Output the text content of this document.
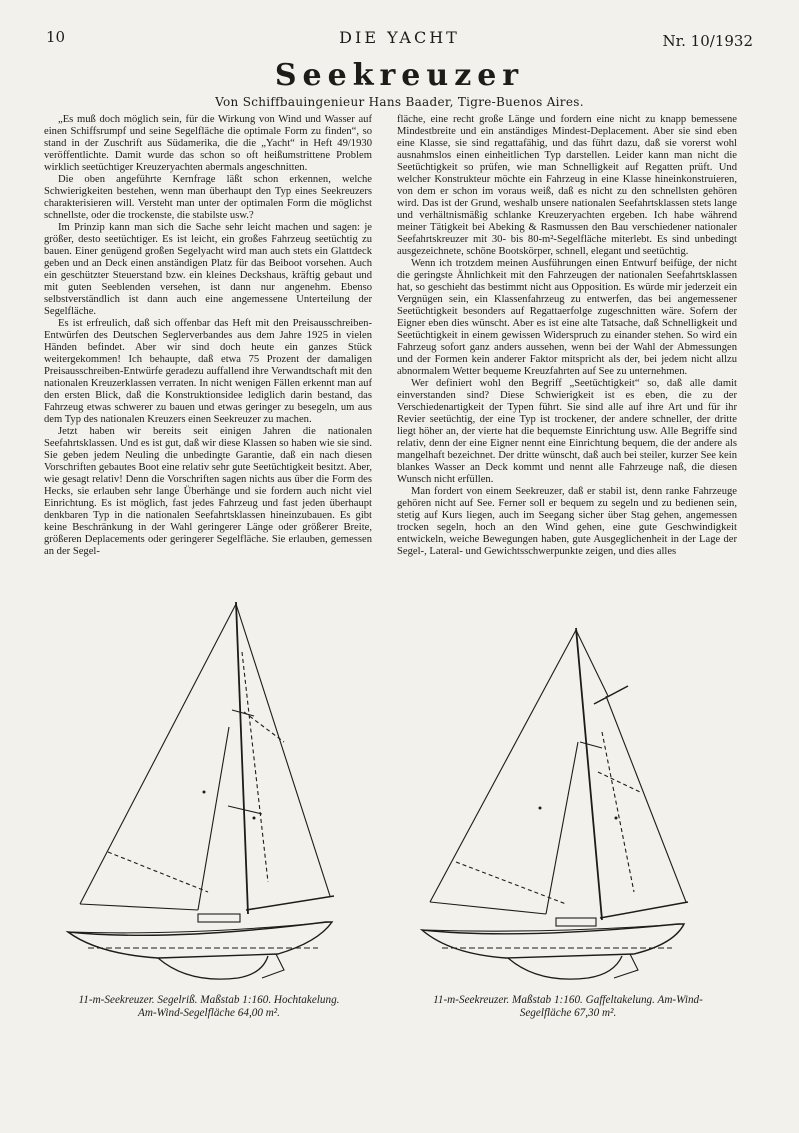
10	DIE YACHT	Nr. 10/1932
Seekreuzer
Von Schiffbauingenieur Hans Baader, Tigre-Buenos Aires.

„Es muß doch möglich sein, für die Wirkung von Wind und Wasser auf einen Schiffsrumpf und seine Segelfläche die optimale Form zu finden“, so stand in der Zuschrift aus Südamerika, die die „Yacht“ in Heft 49/1930 veröffentlichte. Damit wurde das schon so oft heißumstrittene Problem wirklich seetüchtiger Kreuzeryachten abermals angeschnitten.

Die oben angeführte Kernfrage läßt schon erkennen, welche Schwierigkeiten bestehen, wenn man überhaupt den Typ eines Seekreuzers charakterisieren will. Versteht man unter der optimalen Form die möglichst schnellste, oder die trockenste, die stabilste usw.?

Im Prinzip kann man sich die Sache sehr leicht machen und sagen: je größer, desto seetüchtiger. Es ist leicht, ein großes Fahrzeug seetüchtig zu bauen. Einer genügend großen Segelyacht wird man auch stets ein Glattdeck geben und an Deck einen anständigen Platz für das Beiboot vorsehen. Auch ein geschützter Steuerstand bzw. ein kleines Deckshaus, kräftig gebaut und mit guten Seeblenden versehen, ist dann nur angenehm. Ebenso selbstverständlich ist dann auch eine angemessene Unterteilung der Segelfläche.

Es ist erfreulich, daß sich offenbar das Heft mit den Preisausschreiben-Entwürfen des Deutschen Seglerverbandes aus dem Jahre 1925 in vielen Händen befindet. Aber wir sind doch heute ein ganzes Stück weitergekommen! Ich behaupte, daß etwa 75 Prozent der damaligen Preisausschreiben-Entwürfe geradezu auffallend ihre Verwandtschaft mit den nationalen Kreuzerklassen verraten. In nicht wenigen Fällen erkennt man auf den ersten Blick, daß die Konstruktionsidee lediglich darin bestand, das Fahrzeug etwas schwerer zu bauen und etwas geringer zu besegeln, um aus dem Typ des nationalen Kreuzers einen Seekreuzer zu machen.

Jetzt haben wir bereits seit einigen Jahren die nationalen Seefahrtsklassen. Und es ist gut, daß wir diese Klassen so haben wie sie sind. Sie geben jedem Neuling die unbedingte Garantie, daß ein nach diesen Vorschriften gebautes Boot eine relativ sehr gute Seetüchtigkeit besitzt. Aber, wie gesagt relativ! Denn die Vorschriften sagen nichts aus über die Form des Hecks, sie erlauben sehr lange Überhänge und sie fordern auch nicht viel Einrichtung. Es ist möglich, fast jedes Fahrzeug und fast jeden überhaupt denkbaren Typ in die nationalen Seefahrtsklassen hineinzubauen. Es gibt keine Beschränkung in der Wahl geringerer Länge oder größerer Breite, größeren Deplacements oder geringerer Segelfläche. Sie erlauben, gemessen an der Segel-

fläche, eine recht große Länge und fordern eine nicht zu knapp bemessene Mindestbreite und ein anständiges Mindest-Deplacement. Aber sie sind eben eine Klasse, sie sind regattafähig, und das führt dazu, daß sie vorerst wohl ausnahmslos einen einheitlichen Typ darstellen. Leider kann man nicht die Seetüchtigkeit so prüfen, wie man Schnelligkeit auf Regatten prüft. Und welcher Konstrukteur möchte ein Fahrzeug in eine Klasse hineinkonstruieren, von dem er schon im voraus weiß, daß es nicht zu den schnellsten gehören wird. Das ist der Grund, weshalb unsere nationalen Seefahrtsklassen stets lange und verhältnismäßig schlanke Kreuzeryachten ergeben. Ich habe während meiner Tätigkeit bei Abeking & Rasmussen den Bau verschiedener nationaler Seefahrtskreuzer mit 30- bis 80-m²-Segelfläche miterlebt. Es sind unbedingt ausgezeichnete, schöne Bootskörper, schnell, elegant und seetüchtig.

Wenn ich trotzdem meinen Ausführungen einen Entwurf beifüge, der nicht die geringste Ähnlichkeit mit den Fahrzeugen der nationalen Seefahrtsklassen hat, so geschieht das bestimmt nicht aus Opposition. Es würde mir jederzeit ein Vergnügen sein, ein Klassenfahrzeug zu entwerfen, das bei angemessener Seetüchtigkeit besonders auf Regattaerfolge zugeschnitten wäre. Sofern der Eigner eben dies wünscht. Aber es ist eine alte Tatsache, daß Schnelligkeit und Seetüchtigkeit in einem gewissen Widerspruch zu einander stehen. So wird ein Fahrzeug sofort ganz anders aussehen, wenn bei der Wahl der Abmessungen und der Formen kein anderer Faktor mitspricht als der, bei jedem nicht allzu abnormalem Wetter bequeme Kreuzfahrten auf See zu unternehmen.

Wer definiert wohl den Begriff „Seetüchtigkeit“ so, daß alle damit einverstanden sind? Diese Schwierigkeit ist es eben, die zu der Verschiedenartigkeit der Typen führt. Sie sind alle auf ihre Art und für ihr Revier seetüchtig, der eine Typ ist trockener, der andere schneller, der dritte liegt höher an, der vierte hat die bequemste Einrichtung usw. Alle Begriffe sind relativ, denn der eine Eigner nennt eine Einrichtung bequem, die der andere als mangelhaft bezeichnet. Der dritte wünscht, daß auch bei steiler, kurzer See kein blankes Wasser an Deck kommt und nennt alle Fahrzeuge naß, die diesen Wunsch nicht erfüllen.

Man fordert von einem Seekreuzer, daß er stabil ist, denn ranke Fahrzeuge gehören nicht auf See. Ferner soll er bequem zu segeln und zu bedienen sein, stetig auf Kurs liegen, auch im Seegang sicher über Stag gehen, angemessen trocken segeln, hoch an den Wind gehen, eine gute Geschwindigkeit entwickeln, weiche Bewegungen haben, gute Ausgeglichenheit in der Lage der Segel-, Lateral- und Gewichtsschwerpunkte zeigen, und dies alles

11-m-Seekreuzer. Segelriß. Maßstab 1:160. Hochtakelung.
Am-Wind-Segelfläche 64,00 m².
11-m-Seekreuzer. Maßstab 1:160. Gaffeltakelung. Am-Wind-
Segelfläche 67,30 m².
